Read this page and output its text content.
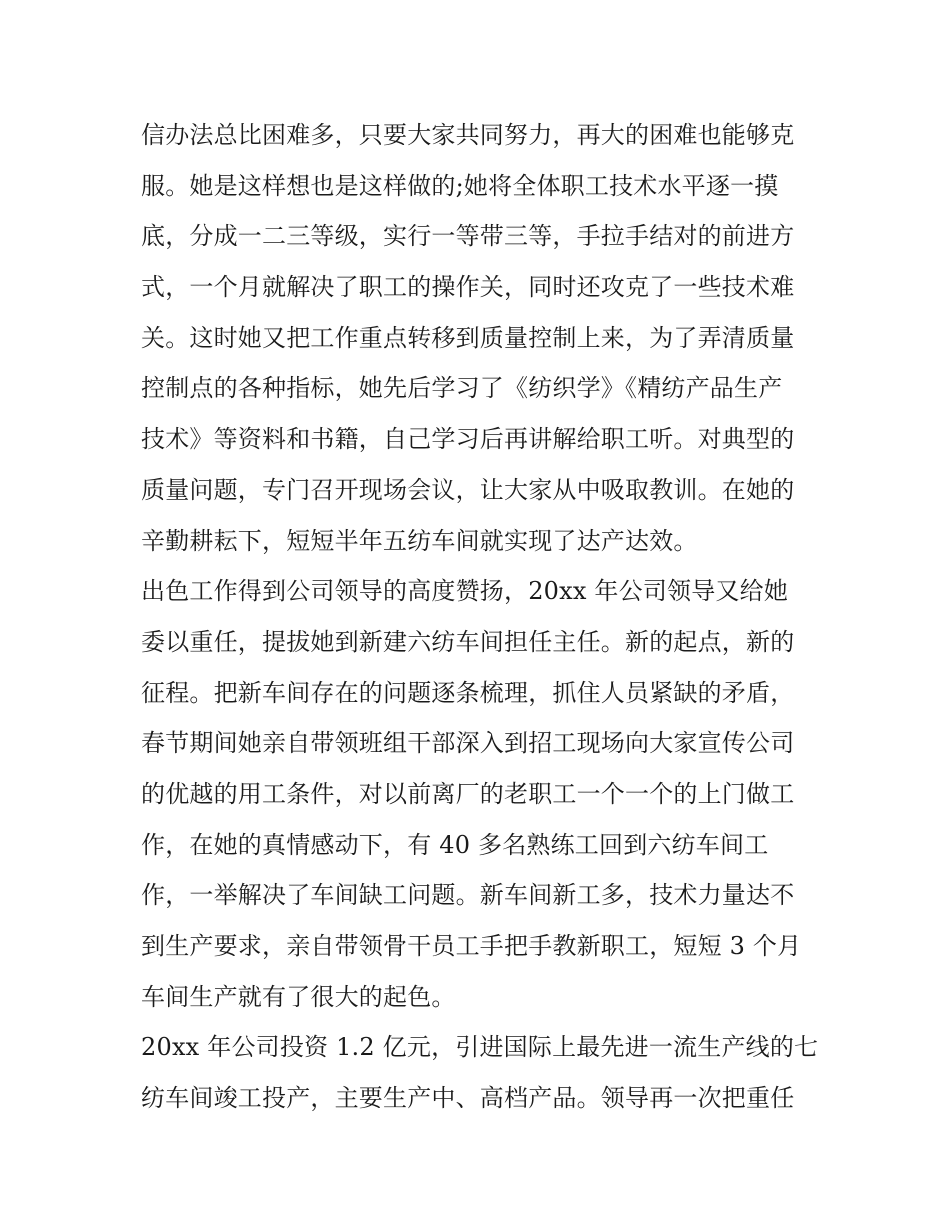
信办法总比困难多，只要大家共同努力，再大的困难也能够克

服。她是这样想也是这样做的;她将全体职工技术水平逐一摸

底，分成一二三等级，实行一等带三等，手拉手结对的前进方

式，一个月就解决了职工的操作关，同时还攻克了一些技术难

关。这时她又把工作重点转移到质量控制上来，为了弄清质量

控制点的各种指标，她先后学习了《纺织学》《精纺产品生产

技术》等资料和书籍，自己学习后再讲解给职工听。对典型的

质量问题，专门召开现场会议，让大家从中吸取教训。在她的

辛勤耕耘下，短短半年五纺车间就实现了达产达效。

出色工作得到公司领导的高度赞扬，20xx 年公司领导又给她

委以重任，提拔她到新建六纺车间担任主任。新的起点，新的

征程。把新车间存在的问题逐条梳理，抓住人员紧缺的矛盾，

春节期间她亲自带领班组干部深入到招工现场向大家宣传公司

的优越的用工条件，对以前离厂的老职工一个一个的上门做工

作，在她的真情感动下，有 40 多名熟练工回到六纺车间工

作，一举解决了车间缺工问题。新车间新工多，技术力量达不

到生产要求，亲自带领骨干员工手把手教新职工，短短 3 个月

车间生产就有了很大的起色。

20xx 年公司投资 1.2 亿元，引进国际上最先进一流生产线的七

纺车间竣工投产，主要生产中、高档产品。领导再一次把重任
